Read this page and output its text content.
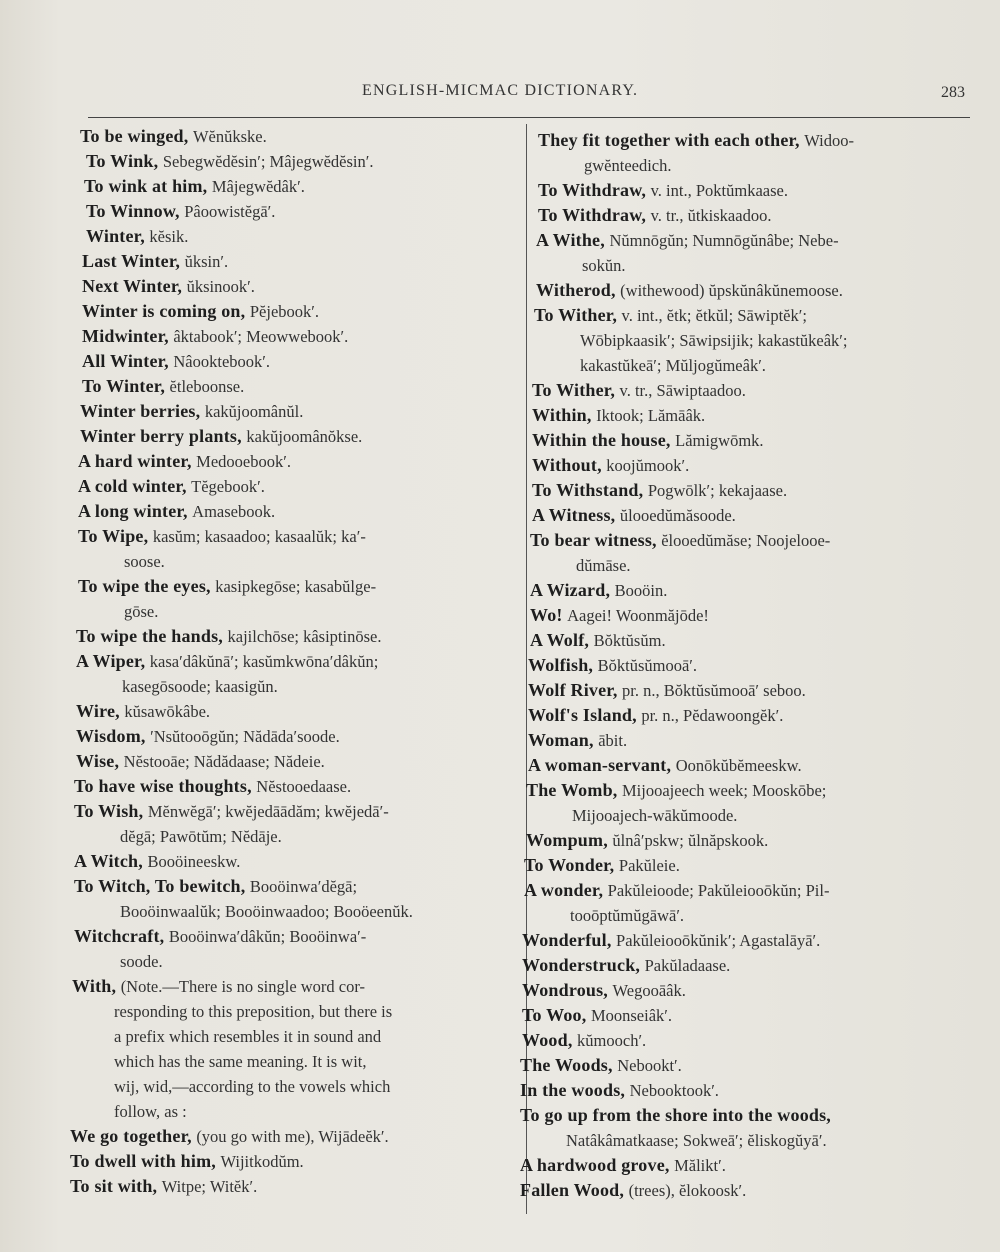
ENGLISH-MICMAC DICTIONARY.	283
To be winged, Wĕnŭkske.
To Wink, Sebegwĕdĕsin′; Mâjegwĕdĕsin′.
To wink at him, Mâjegwĕdâk′.
To Winnow, Pâoowistĕgā′.
Winter, kĕsik.
Last Winter, ŭksin′.
Next Winter, ŭksinook′.
Winter is coming on, Pĕjebook′.
Midwinter, âktabook′; Meowwebook′.
All Winter, Nâooktebook′.
To Winter, ĕtleboonse.
Winter berries, kakŭjoomânŭl.
Winter berry plants, kakŭjoomânŏkse.
A hard winter, Medooebook′.
A cold winter, Tĕgebook′.
A long winter, Amasebook.
To Wipe, kasŭm; kasaadoo; kasaalŭk; ka′-
soose.
To wipe the eyes, kasipkegōse; kasabŭlge-
gōse.
To wipe the hands, kajilchōse; kâsiptinōse.
A Wiper, kasa′dâkŭnā′; kasŭmkwōna′dâkŭn;
kasegōsoode; kaasigŭn.
Wire, kŭsawōkâbe.
Wisdom, ′Nsŭtooōgŭn; Nădāda′soode.
Wise, Nĕstooāe; Nădădaase; Nădeie.
To have wise thoughts, Nĕstooedaase.
To Wish, Mĕnwĕgā′; kwĕjedāādăm; kwĕjedā′-
dĕgā; Pawōtŭm; Nĕdāje.
A Witch, Booöineeskw.
To Witch, To bewitch, Booöinwa′dĕgā;
Booöinwaalŭk; Booöinwaadoo; Booöeenŭk.
Witchcraft, Booöinwa′dâkŭn; Booöinwa′-
soode.
With, (Note.—There is no single word cor-
responding to this preposition, but there is
a prefix which resembles it in sound and
which has the same meaning. It is wit,
wij, wid,—according to the vowels which
follow, as :
We go together, (you go with me), Wijādeĕk′.
To dwell with him, Wijitkodŭm.
To sit with, Witpe; Witĕk′.
They fit together with each other, Widoo-
gwĕnteedich.
To Withdraw, v. int., Poktŭmkaase.
To Withdraw, v. tr., ŭtkiskaadoo.
A Withe, Nŭmnōgŭn; Numnōgŭnâbe; Nebe-
sokŭn.
Witherod, (withewood) ŭpskŭnâkŭnemoose.
To Wither, v. int., ĕtk; ĕtkŭl; Sāwiptĕk′;
Wōbipkaasik′; Sāwipsijik; kakastŭkeâk′;
kakastŭkeā′; Mŭljogŭmeâk′.
To Wither, v. tr., Sāwiptaadoo.
Within, Iktook; Lămāâk.
Within the house, Lămigwōmk.
Without, koojŭmook′.
To Withstand, Pogwōlk′; kekajaase.
A Witness, ŭlooedŭmăsoode.
To bear witness, ĕlooedŭmăse; Noojelooe-
dŭmāse.
A Wizard, Booöin.
Wo! Aagei! Woonmăjōde!
A Wolf, Bŏktŭsŭm.
Wolfish, Bŏktŭsŭmooā′.
Wolf River, pr. n., Bŏktŭsŭmooā′ seboo.
Wolf's Island, pr. n., Pĕdawoongĕk′.
Woman, ābit.
A woman-servant, Oonōkŭbĕmeeskw.
The Womb, Mijooajeech week; Mooskōbe;
Mijooajech-wākŭmoode.
Wompum, ŭlnâ′pskw; ŭlnăpskook.
To Wonder, Pakŭleie.
A wonder, Pakŭleioode; Pakŭleiooōkŭn; Pil-
tooōptŭmŭgāwā′.
Wonderful, Pakŭleiooōkŭnik′; Agastalāyā′.
Wonderstruck, Pakŭladaase.
Wondrous, Wegooāâk.
To Woo, Moonseiâk′.
Wood, kŭmooch′.
The Woods, Nebookt′.
In the woods, Nebooktook′.
To go up from the shore into the woods,
Natâkâmatkaase; Sokweā′; ĕliskogŭyā′.
A hardwood grove, Mălikt′.
Fallen Wood, (trees), ĕlokoosk′.
